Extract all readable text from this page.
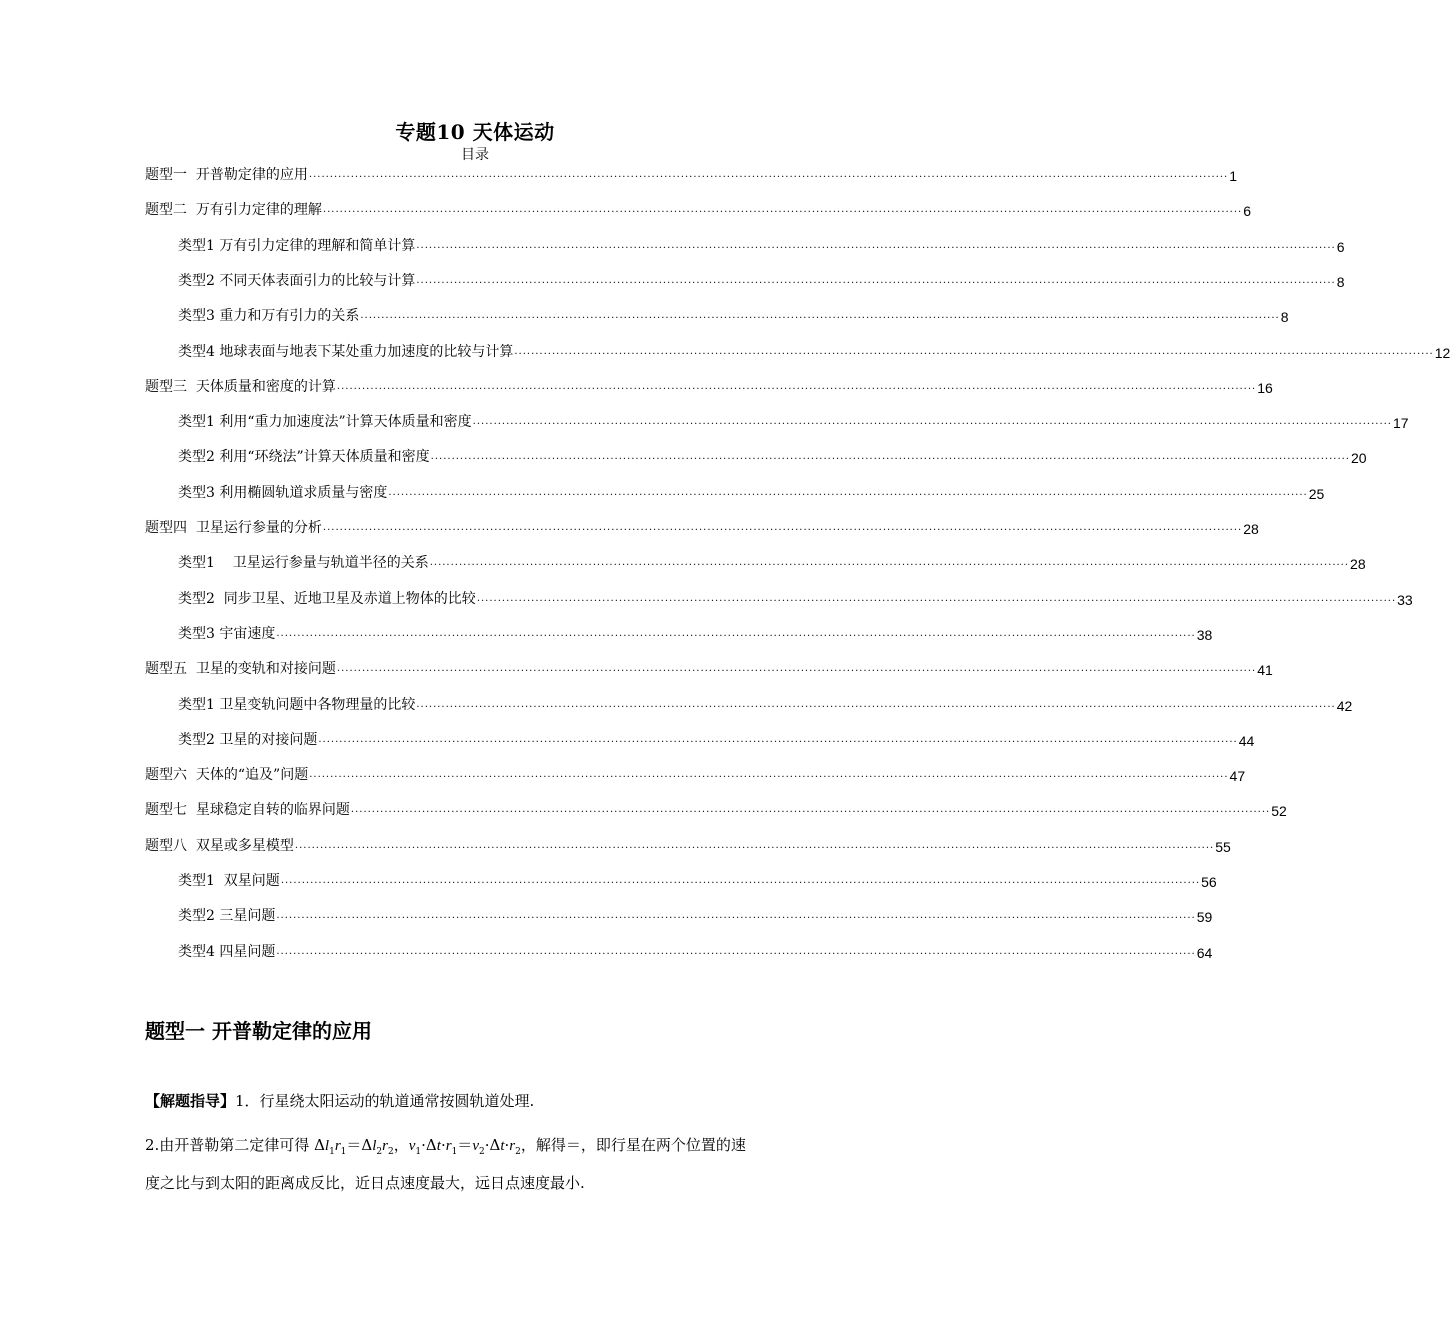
专题10 天体运动
目录
题型一  开普勒定律的应用 ............................................................................................................................................................................................................................ 1
题型二  万有引力定律的理解 ............................................................................................................................................................................................................................ 6
类型1 万有引力定律的理解和简单计算 ............................................................................................................................................................................................................................ 6
类型2 不同天体表面引力的比较与计算 ............................................................................................................................................................................................................................ 8
类型3 重力和万有引力的关系 ............................................................................................................................................................................................................................ 8
类型4 地球表面与地表下某处重力加速度的比较与计算 ............................................................................................................................................................................................................................ 12
题型三  天体质量和密度的计算 ............................................................................................................................................................................................................................ 16
类型1 利用“重力加速度法”计算天体质量和密度 ............................................................................................................................................................................................................................ 17
类型2 利用“环绕法”计算天体质量和密度 ............................................................................................................................................................................................................................ 20
类型3 利用椭圆轨道求质量与密度 ............................................................................................................................................................................................................................ 25
题型四  卫星运行参量的分析 ............................................................................................................................................................................................................................ 28
类型1    卫星运行参量与轨道半径的关系 ............................................................................................................................................................................................................................ 28
类型2  同步卫星、近地卫星及赤道上物体的比较 ............................................................................................................................................................................................................................ 33
类型3 宇宙速度 ............................................................................................................................................................................................................................ 38
题型五  卫星的变轨和对接问题 ............................................................................................................................................................................................................................ 41
类型1 卫星变轨问题中各物理量的比较 ............................................................................................................................................................................................................................ 42
类型2 卫星的对接问题 ............................................................................................................................................................................................................................ 44
题型六  天体的“追及”问题 ............................................................................................................................................................................................................................ 47
题型七  星球稳定自转的临界问题 ............................................................................................................................................................................................................................ 52
题型八  双星或多星模型 ............................................................................................................................................................................................................................ 55
类型1  双星问题 ............................................................................................................................................................................................................................ 56
类型2 三星问题 ............................................................................................................................................................................................................................ 59
类型4 四星问题 ............................................................................................................................................................................................................................ 64
题型一 开普勒定律的应用
【解题指导】1．行星绕太阳运动的轨道通常按圆轨道处理.
2.由开普勒第二定律可得 $\Delta l_1r_1=\Delta l_2r_2$，$v_1\cdot\Delta t\cdot r_1=v_2\cdot\Delta t\cdot r_2$，解得＝，即行星在两个位置的速
度之比与到太阳的距离成反比，近日点速度最大，远日点速度最小.
